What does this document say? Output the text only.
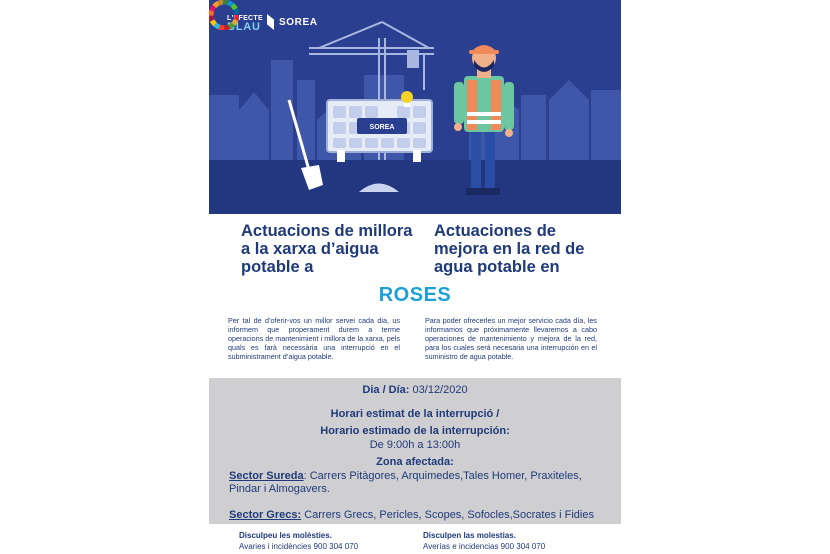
SOREA
L'EFECTE
BLAU SOREA
Actuacions de millora a la xarxa d’aigua potable a
Actuaciones de mejora en la red de agua potable en
ROSES
Per tal de d’oferir-vos un millor servei cada dia, us informem que properament durem a terme operacions de mantenimient i millora de la xarxa, pels quals es farà necessària una interrupció en el subministrament d’aigua potable.
Para poder ofrecerles un mejor servicio cada día, les informamos que próximamente llevaremos a cabo operaciones de mantenimiento y mejora de la red, para los cuales será necesaria una interrupción en el suministro de agua potable.
Dia / Día: 03/12/2020
Horari estimat de la interrupció /
Horario estimado de la interrupción:
De 9:00h a 13:00h
Zona afectada:
Sector Sureda: Carrers Pitàgores, Arquimedes,Tales Homer, Praxiteles, Pindar i Almogavers.
Sector Grecs: Carrers Grecs, Pericles, Scopes, Sofocles,Socrates i Fidies
Disculpeu les molèsties.
Avaries i incidències 900 304 070
Disculpen las molestias.
Averías e incidencias 900 304 070
